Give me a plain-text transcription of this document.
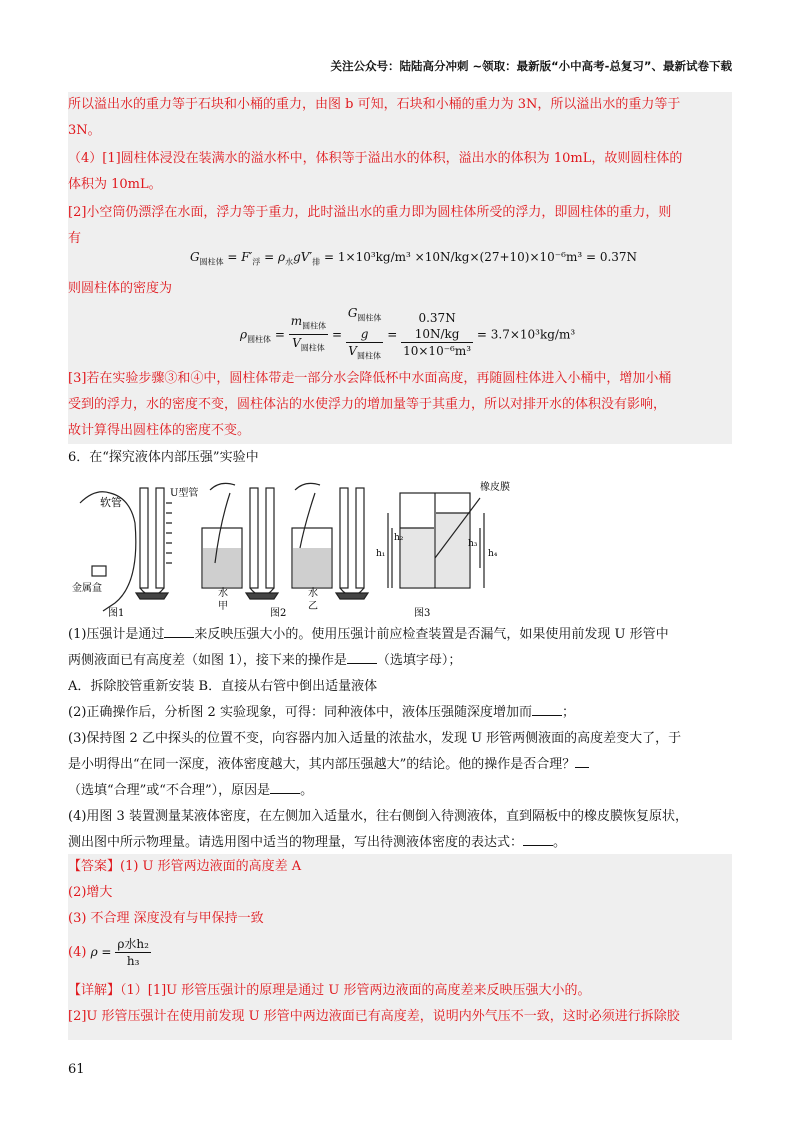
关注公众号：陆陆高分冲刺 ~领取：最新版“小中高考-总复习”、最新试卷下载

所以溢出水的重力等于石块和小桶的重力，由图 b 可知，石块和小桶的重力为 3N，所以溢出水的重力等于

3N。

（4）[1]圆柱体浸没在装满水的溢水杯中，体积等于溢出水的体积，溢出水的体积为 10mL，故则圆柱体的

体积为 10mL。

[2]小空筒仍漂浮在水面，浮力等于重力，此时溢出水的重力即为圆柱体所受的浮力，即圆柱体的重力，则

有

$G_{圆柱体} = F'_浮 = \rho_水gV'_排 = 1\times 10^3kg/m^3 \times 10N/kg\times(27+10)\times 10^{-6}m^3 = 0.37N$

则圆柱体的密度为

$\rho_{圆柱体} = \frac{m_{圆柱体}}{V_{圆柱体}}$ =
$G_{圆柱体}$
g
$V_{圆柱体}$
=
0.37N
10N/kg
10×10⁻⁶m³
= 3.7×10³kg/m³

[3]若在实验步骤③和④中，圆柱体带走一部分水会降低杯中水面高度，再随圆柱体进入小桶中，增加小桶

受到的浮力，水的密度不变，圆柱体沾的水使浮力的增加量等于其重力，所以对排开水的体积没有影响，

故计算得出圆柱体的密度不变。

6．在“探究液体内部压强”实验中

软管
U型管
金属盒	水
甲
水
乙
橡皮膜
h₁
h₂
h₃
h₄
图1	图2	图3

(1)压强计是通过 来反映压强大小的。使用压强计前应检查装置是否漏气，如果使用前发现 U 形管中

两侧液面已有高度差（如图 1），接下来的操作是 （选填字母）；

A．拆除胶管重新安装 B．直接从右管中倒出适量液体

(2)正确操作后，分析图 2 实验现象，可得：同种液体中，液体压强随深度增加而 ；

(3)保持图 2 乙中探头的位置不变，向容器内加入适量的浓盐水，发现 U 形管两侧液面的高度差变大了，于

是小明得出“在同一深度，液体密度越大，其内部压强越大”的结论。他的操作是否合理？

（选填“合理”或“不合理”），原因是 。

(4)用图 3 装置测量某液体密度，在左侧加入适量水，往右侧倒入待测液体，直到隔板中的橡皮膜恢复原状，

测出图中所示物理量。请选用图中适当的物理量，写出待测液体密度的表达式： 。

【答案】(1) U 形管两边液面的高度差 A

(2)增大

(3) 不合理 深度没有与甲保持一致

(4) $\rho = \frac{\text{ρ水h₂}}{\text{h₃}}$

【详解】（1）[1]U 形管压强计的原理是通过 U 形管两边液面的高度差来反映压强大小的。

[2]U 形管压强计在使用前发现 U 形管中两边液面已有高度差，说明内外气压不一致，这时必须进行拆除胶

61
